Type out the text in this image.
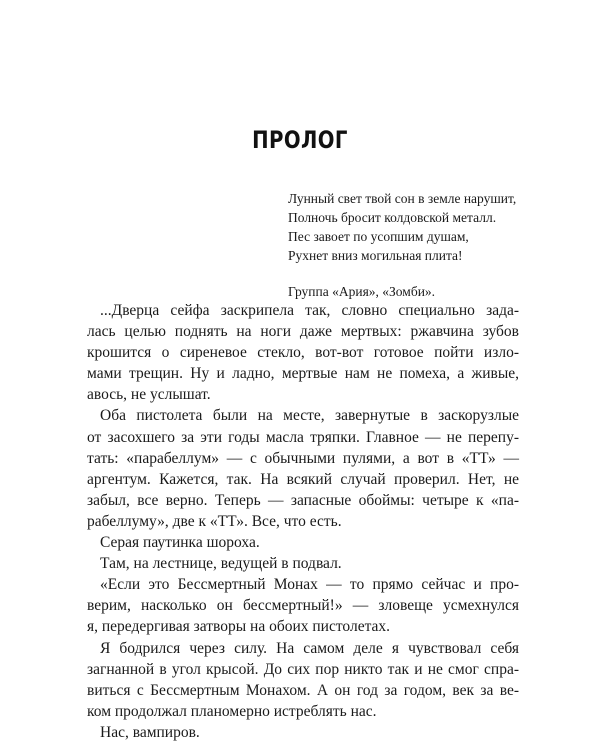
ПРОЛОГ
Лунный свет твой сон в земле нарушит,
Полночь бросит колдовской металл.
Пес завоет по усопшим душам,
Рухнет вниз могильная плита!
Группа «Ария», «Зомби».
...Дверца сейфа заскрипела так, словно специально зада-
лась целью поднять на ноги даже мертвых: ржавчина зубов
крошится о сиреневое стекло, вот-вот готовое пойти изло-
мами трещин. Ну и ладно, мертвые нам не помеха, а живые,
авось, не услышат.
Оба пистолета были на месте, завернутые в заскорузлые
от засохшего за эти годы масла тряпки. Главное — не перепу-
тать: «парабеллум» — с обычными пулями, а вот в «ТТ» —
аргентум. Кажется, так. На всякий случай проверил. Нет, не
забыл, все верно. Теперь — запасные обоймы: четыре к «па-
рабеллуму», две к «ТТ». Все, что есть.
Серая паутинка шороха.
Там, на лестнице, ведущей в подвал.
«Если это Бессмертный Монах — то прямо сейчас и про-
верим, насколько он бессмертный!» — зловеще усмехнулся
я, передергивая затворы на обоих пистолетах.
Я бодрился через силу. На самом деле я чувствовал себя
загнанной в угол крысой. До сих пор никто так и не смог спра-
виться с Бессмертным Монахом. А он год за годом, век за ве-
ком продолжал планомерно истреблять нас.
Нас, вампиров.
